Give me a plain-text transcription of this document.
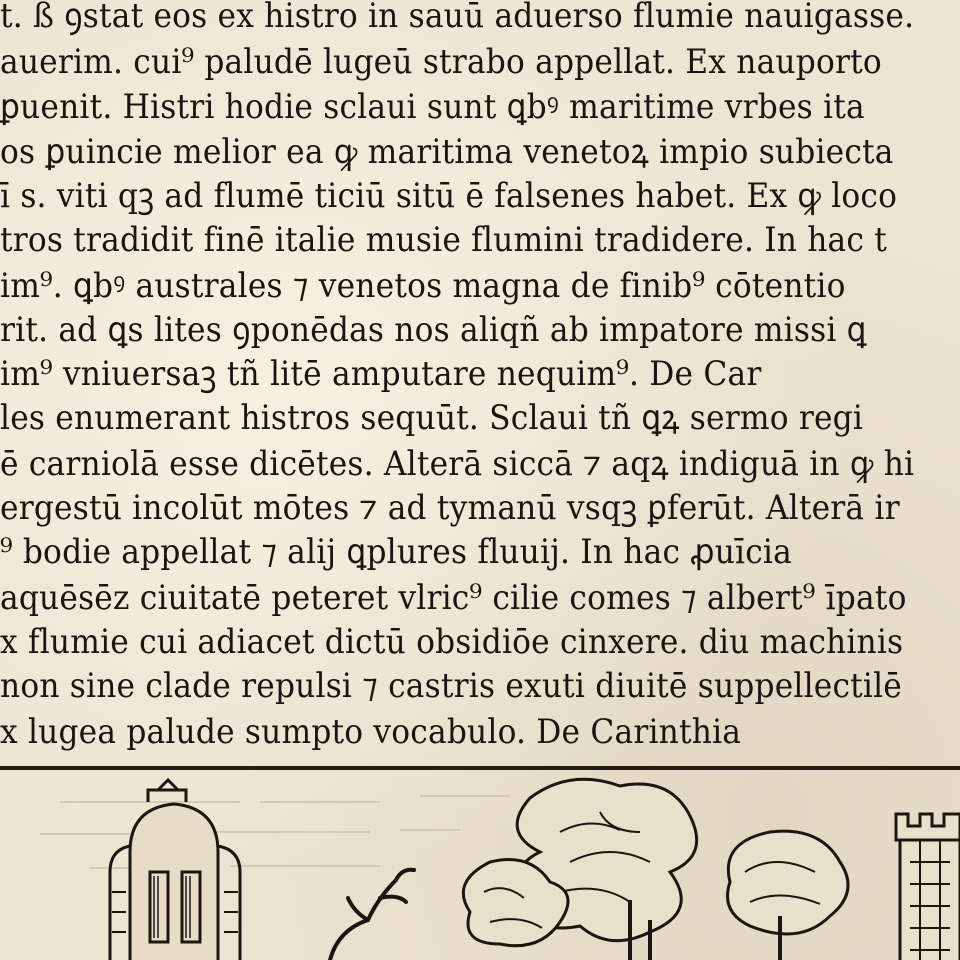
t. ß ꝯstat eos ex histro in sauū aduerso flumie nauigasse.
auerim. cui⁹ paludē lugeū strabo appellat. Ex nauporto
ꝑuenit. Histri hodie sclaui sunt ꝗbꝰ maritime vrbes ita
os ꝑuincie melior ea ꝙ maritima venetoꝝ impio subiecta
ī s. viti qꝫ ad flumē ticiū sitū ē falsenes habet. Ex ꝙ loco
tros tradidit finē italie musie flumini tradidere. In hac t
im⁹. ꝗbꝰ australes ⁊ venetos magna de finib⁹ cōtentio
rit. ad ꝗs lites ꝯponēdas nos aliqñ ab impatore missi ꝗ
im⁹ vniuersaꝫ tñ litē amputare nequim⁹. De Car
les enumerant histros sequūt. Sclaui tñ ꝗꝝ sermo regi
ē carniolā esse dicētes. Alterā siccā ⁊ aqꝝ indiguā in ꝙ hi
ergestū incolūt mōtes ⁊ ad tymanū vsqꝫ ꝑferūt. Alterā ir
⁹ bodie appellat ⁊ alij ꝗplures fluuij. In hac ꝓuīcia
aquēsēz ciuitatē peteret vlric⁹ cilie comes ⁊ albert⁹ īpato
x flumie cui adiacet dictū obsidiōe cinxere. diu machinis
non sine clade repulsi ⁊ castris exuti diuitē suppellectilē
x lugea palude sumpto vocabulo. De Carinthia
